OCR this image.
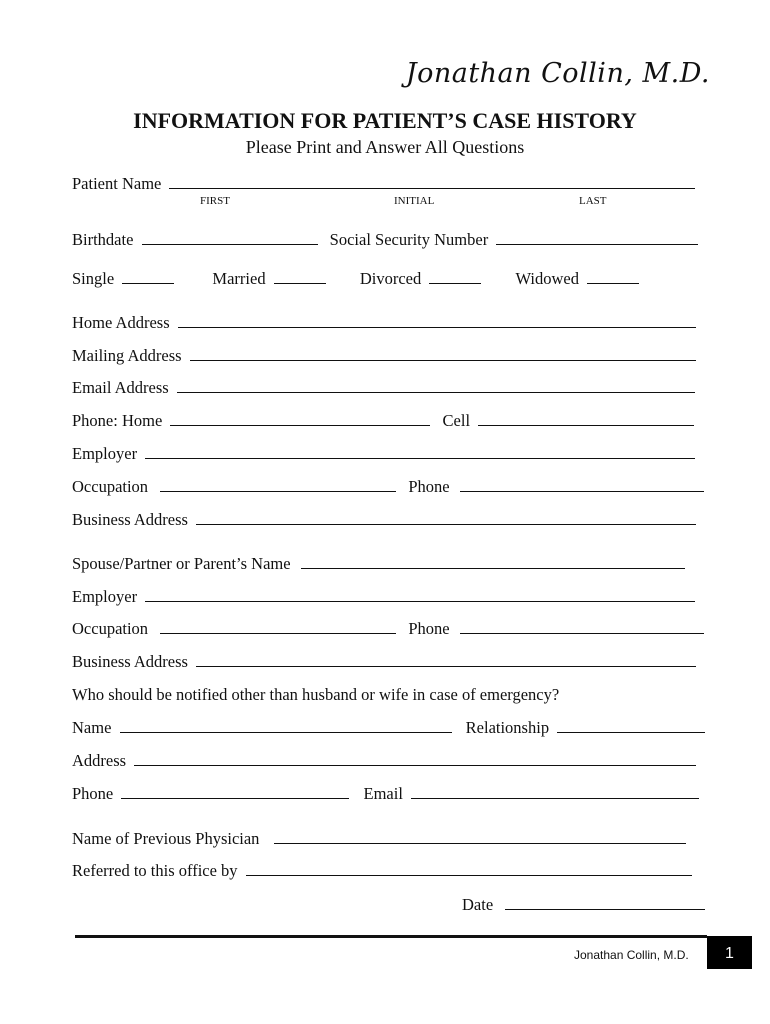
Jonathan Collin, M.D.
INFORMATION FOR PATIENT’S CASE HISTORY
Please Print and Answer All Questions
Patient Name
FIRST	INITIAL	LAST
Birthdate	Social Security Number
Single	Married	Divorced	Widowed
Home Address
Mailing Address
Email Address
Phone: Home	Cell
Employer
Occupation	Phone
Business Address
Spouse/Partner or Parent’s Name
Employer
Occupation	Phone
Business Address
Who should be notified other than husband or wife in case of emergency?
Name	Relationship
Address
Phone	Email
Name of Previous Physician
Referred to this office by
Date
Jonathan Collin, M.D.	1
